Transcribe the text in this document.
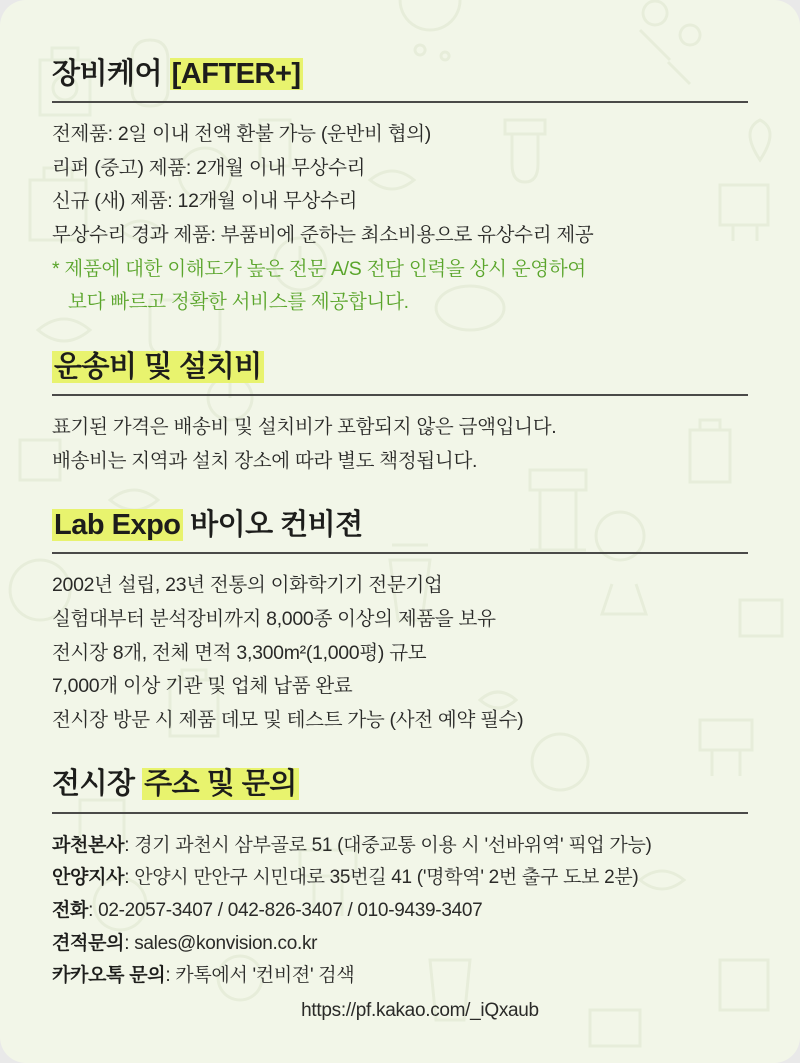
장비케어 [AFTER+]

전제품: 2일 이내 전액 환불 가능 (운반비 협의)

리퍼 (중고) 제품: 2개월 이내 무상수리

신규 (새) 제품: 12개월 이내 무상수리

무상수리 경과 제품: 부품비에 준하는 최소비용으로 유상수리 제공

* 제품에 대한 이해도가 높은 전문 A/S 전담 인력을 상시 운영하여

보다 빠르고 정확한 서비스를 제공합니다.

운송비 및 설치비

표기된 가격은 배송비 및 설치비가 포함되지 않은 금액입니다.

배송비는 지역과 설치 장소에 따라 별도 책정됩니다.

Lab Expo 바이오 컨비젼

2002년 설립, 23년 전통의 이화학기기 전문기업

실험대부터 분석장비까지 8,000종 이상의 제품을 보유

전시장 8개, 전체 면적 3,300m²(1,000평) 규모

7,000개 이상 기관 및 업체 납품 완료

전시장 방문 시 제품 데모 및 테스트 가능 (사전 예약 필수)

전시장 주소 및 문의

과천본사: 경기 과천시 삼부골로 51 (대중교통 이용 시 '선바위역' 픽업 가능)

안양지사: 안양시 만안구 시민대로 35번길 41 ('명학역' 2번 출구 도보 2분)

전화: 02-2057-3407 / 042-826-3407 / 010-9439-3407

견적문의: sales@konvision.co.kr

카카오톡 문의: 카톡에서 '컨비젼' 검색

https://pf.kakao.com/_iQxaub
